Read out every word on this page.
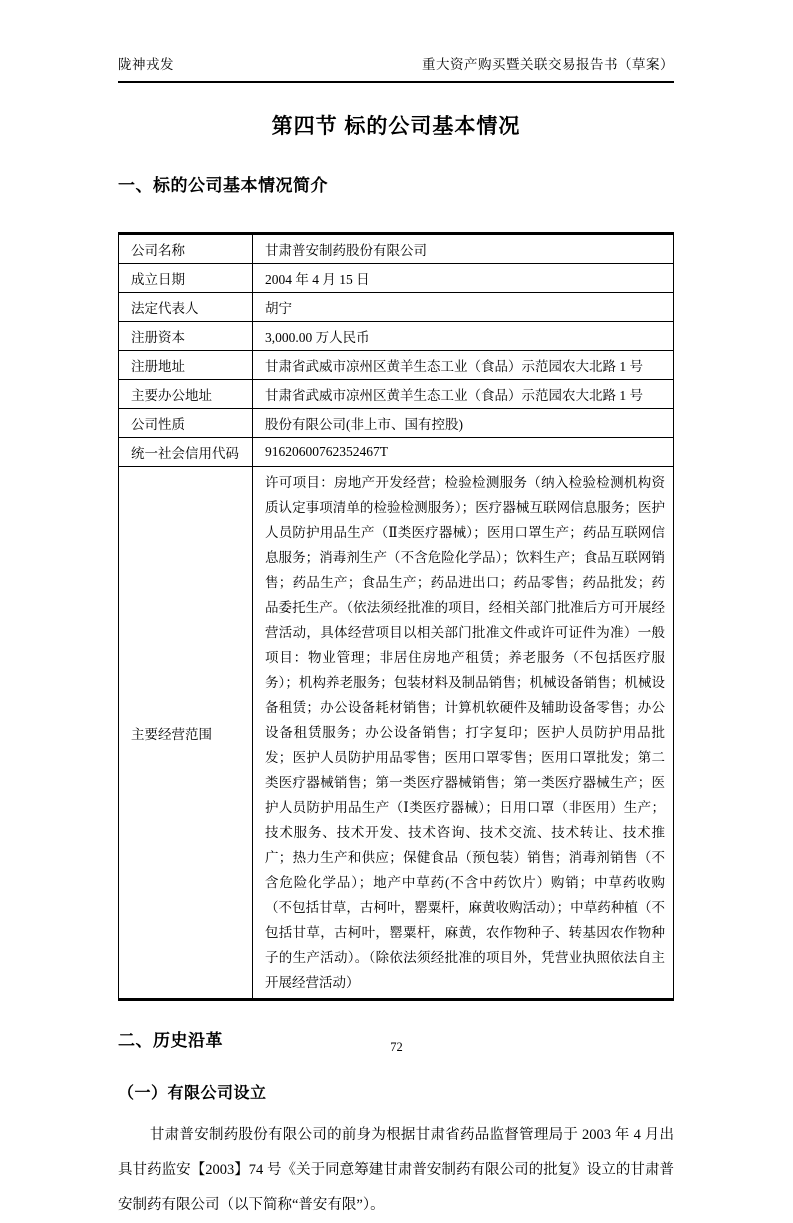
陇神戎发	重大资产购买暨关联交易报告书（草案）
第四节 标的公司基本情况
一、标的公司基本情况简介
公司名称	甘肃普安制药股份有限公司
成立日期	2004 年 4 月 15 日
法定代表人	胡宁
注册资本	3,000.00 万人民币
注册地址	甘肃省武威市凉州区黄羊生态工业（食品）示范园农大北路 1 号
主要办公地址	甘肃省武威市凉州区黄羊生态工业（食品）示范园农大北路 1 号
公司性质	股份有限公司(非上市、国有控股)
统一社会信用代码	91620600762352467T
主要经营范围	许可项目：房地产开发经营；检验检测服务（纳入检验检测机构资质认定事项清单的检验检测服务）；医疗器械互联网信息服务；医护人员防护用品生产（Ⅱ类医疗器械）；医用口罩生产；药品互联网信息服务；消毒剂生产（不含危险化学品）；饮料生产；食品互联网销售；药品生产；食品生产；药品进出口；药品零售；药品批发；药品委托生产。（依法须经批准的项目，经相关部门批准后方可开展经营活动，具体经营项目以相关部门批准文件或许可证件为准）一般项目：物业管理；非居住房地产租赁；养老服务（不包括医疗服务）；机构养老服务；包装材料及制品销售；机械设备销售；机械设备租赁；办公设备耗材销售；计算机软硬件及辅助设备零售；办公设备租赁服务；办公设备销售；打字复印；医护人员防护用品批发；医护人员防护用品零售；医用口罩零售；医用口罩批发；第二类医疗器械销售；第一类医疗器械销售；第一类医疗器械生产；医护人员防护用品生产（Ⅰ类医疗器械）；日用口罩（非医用）生产；技术服务、技术开发、技术咨询、技术交流、技术转让、技术推广；热力生产和供应；保健食品（预包装）销售；消毒剂销售（不含危险化学品）；地产中草药(不含中药饮片）购销；中草药收购（不包括甘草，古柯叶，罂粟杆，麻黄收购活动）；中草药种植（不包括甘草，古柯叶，罂粟杆，麻黄，农作物种子、转基因农作物种子的生产活动）。（除依法须经批准的项目外，凭营业执照依法自主开展经营活动）
二、历史沿革
（一）有限公司设立

甘肃普安制药股份有限公司的前身为根据甘肃省药品监督管理局于 2003 年 4 月出具甘药监安【2003】74 号《关于同意筹建甘肃普安制药有限公司的批复》设立的甘肃普安制药有限公司（以下简称“普安有限”）。

72
